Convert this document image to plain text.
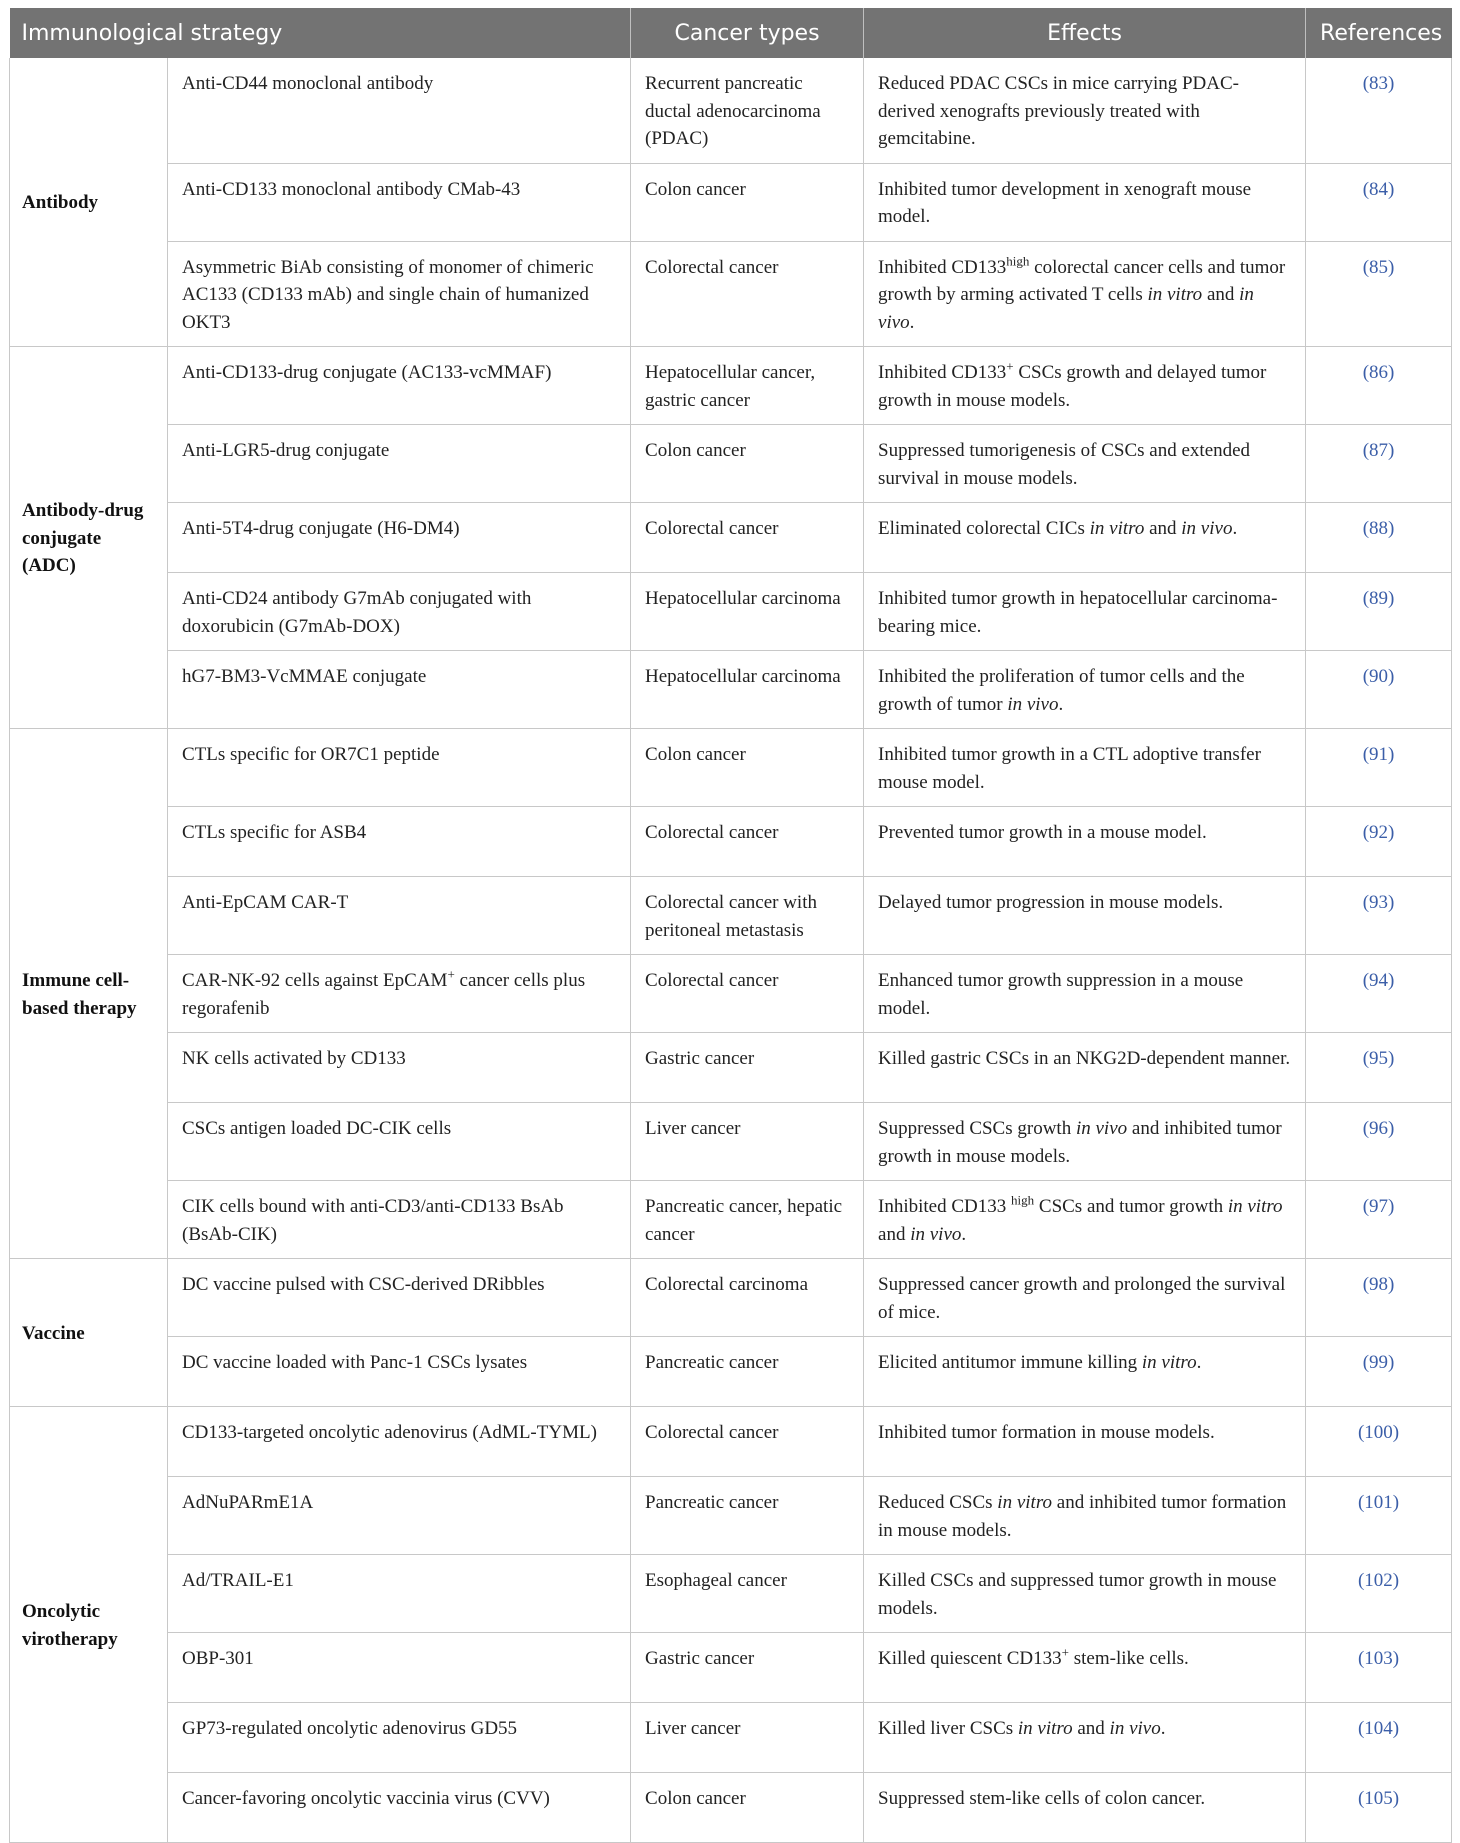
Immunological strategy		Cancer types	Effects	References
Antibody	Anti-CD44 monoclonal antibody	Recurrent pancreatic ductal adenocarcinoma (PDAC)	Reduced PDAC CSCs in mice carrying PDAC-derived xenografts previously treated with gemcitabine.	(83)
	Anti-CD133 monoclonal antibody CMab-43	Colon cancer	Inhibited tumor development in xenograft mouse model.	(84)
	Asymmetric BiAb consisting of monomer of chimeric AC133 (CD133 mAb) and single chain of humanized OKT3	Colorectal cancer	Inhibited $CD133^{high}$ colorectal cancer cells and tumor growth by arming activated T cells in vitro and in vivo.	(85)
Antibody-drug conjugate (ADC)	Anti-CD133-drug conjugate (AC133-vcMMAF)	Hepatocellular cancer, gastric cancer	Inhibited CD133+ CSCs growth and delayed tumor growth in mouse models.	(86)
	Anti-LGR5-drug conjugate	Colon cancer	Suppressed tumorigenesis of CSCs and extended survival in mouse models.	(87)
	Anti-5T4-drug conjugate (H6-DM4)	Colorectal cancer	Eliminated colorectal CICs in vitro and in vivo.	(88)
	Anti-CD24 antibody G7mAb conjugated with doxorubicin (G7mAb-DOX)	Hepatocellular carcinoma	Inhibited tumor growth in hepatocellular carcinoma-bearing mice.	(89)
	hG7-BM3-VcMMAE conjugate	Hepatocellular carcinoma	Inhibited the proliferation of tumor cells and the growth of tumor in vivo.	(90)
Immune cell-based therapy	CTLs specific for OR7C1 peptide	Colon cancer	Inhibited tumor growth in a CTL adoptive transfer mouse model.	(91)
	CTLs specific for ASB4	Colorectal cancer	Prevented tumor growth in a mouse model.	(92)
	Anti-EpCAM CAR-T	Colorectal cancer with peritoneal metastasis	Delayed tumor progression in mouse models.	(93)
	CAR-NK-92 cells against EpCAM+ cancer cells plus regorafenib	Colorectal cancer	Enhanced tumor growth suppression in a mouse model.	(94)
	NK cells activated by CD133	Gastric cancer	Killed gastric CSCs in an NKG2D-dependent manner.	(95)
	CSCs antigen loaded DC-CIK cells	Liver cancer	Suppressed CSCs growth in vivo and inhibited tumor growth in mouse models.	(96)
	CIK cells bound with anti-CD3/anti-CD133 BsAb (BsAb-CIK)	Pancreatic cancer, hepatic cancer	Inhibited CD133 $^{high}$ CSCs and tumor growth in vitro and in vivo.	(97)
Vaccine	DC vaccine pulsed with CSC-derived DRibbles	Colorectal carcinoma	Suppressed cancer growth and prolonged the survival of mice.	(98)
	DC vaccine loaded with Panc-1 CSCs lysates	Pancreatic cancer	Elicited antitumor immune killing in vitro.	(99)
Oncolytic virotherapy	CD133-targeted oncolytic adenovirus (AdML-TYML)	Colorectal cancer	Inhibited tumor formation in mouse models.	(100)
	AdNuPARmE1A	Pancreatic cancer	Reduced CSCs in vitro and inhibited tumor formation in mouse models.	(101)
	Ad/TRAIL-E1	Esophageal cancer	Killed CSCs and suppressed tumor growth in mouse models.	(102)
	OBP-301	Gastric cancer	Killed quiescent CD133+ stem-like cells.	(103)
	GP73-regulated oncolytic adenovirus GD55	Liver cancer	Killed liver CSCs in vitro and in vivo.	(104)
	Cancer-favoring oncolytic vaccinia virus (CVV)	Colon cancer	Suppressed stem-like cells of colon cancer.	(105)
